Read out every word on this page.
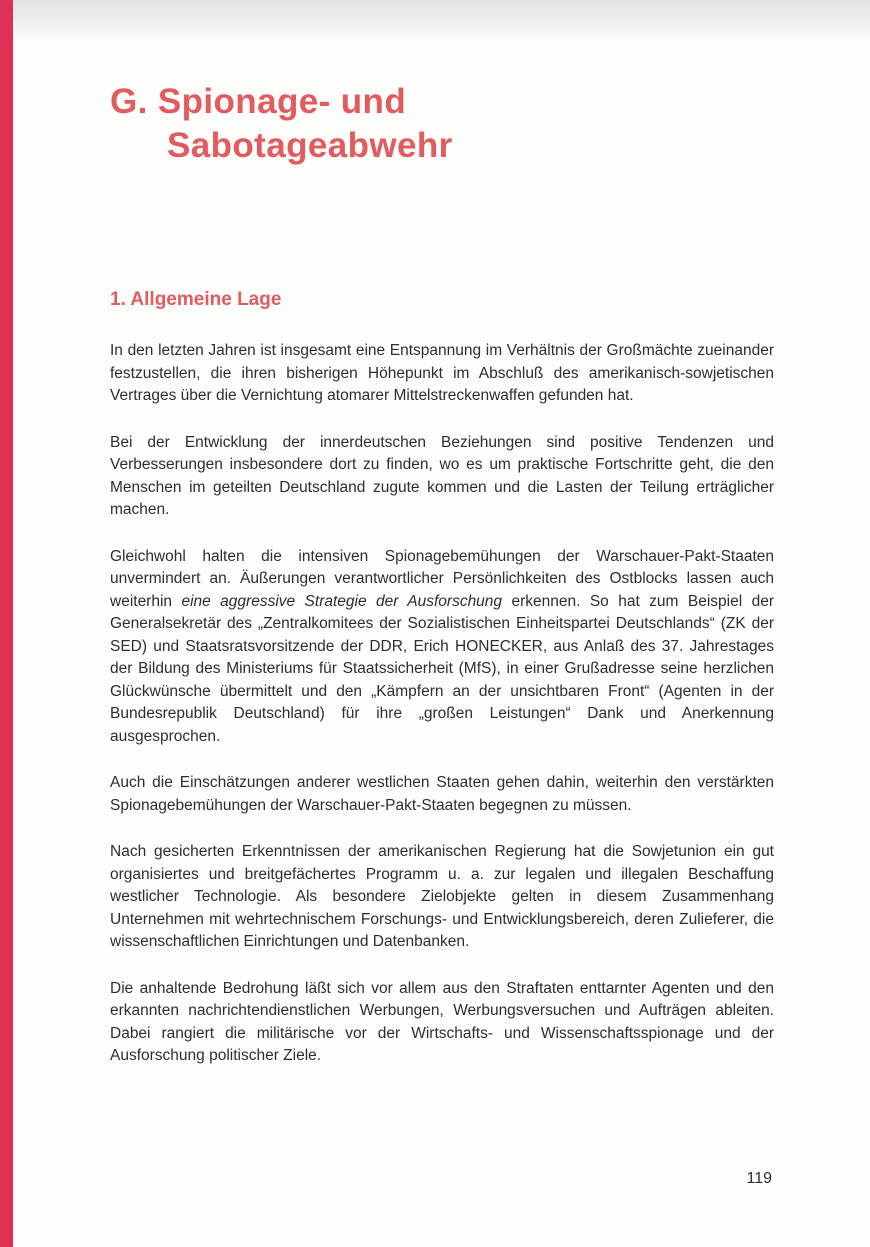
G. Spionage- und
Sabotageabwehr
1. Allgemeine Lage

In den letzten Jahren ist insgesamt eine Entspannung im Verhältnis der Großmächte zueinander festzustellen, die ihren bisherigen Höhepunkt im Abschluß des amerikanisch-sowjetischen Vertrages über die Vernichtung atomarer Mittelstreckenwaffen gefunden hat.

Bei der Entwicklung der innerdeutschen Beziehungen sind positive Tendenzen und Verbesserungen insbesondere dort zu finden, wo es um praktische Fortschritte geht, die den Menschen im geteilten Deutschland zugute kommen und die Lasten der Teilung erträglicher machen.

Gleichwohl halten die intensiven Spionagebemühungen der Warschauer-Pakt-Staaten unvermindert an. Äußerungen verantwortlicher Persönlichkeiten des Ostblocks lassen auch weiterhin eine aggressive Strategie der Ausforschung erkennen. So hat zum Beispiel der Generalsekretär des „Zentralkomitees der Sozialistischen Einheitspartei Deutschlands“ (ZK der SED) und Staatsratsvorsitzende der DDR, Erich HONECKER, aus Anlaß des 37. Jahrestages der Bildung des Ministeriums für Staatssicherheit (MfS), in einer Grußadresse seine herzlichen Glückwünsche übermittelt und den „Kämpfern an der unsichtbaren Front“ (Agenten in der Bundesrepublik Deutschland) für ihre „großen Leistungen“ Dank und Anerkennung ausgesprochen.

Auch die Einschätzungen anderer westlichen Staaten gehen dahin, weiterhin den verstärkten Spionagebemühungen der Warschauer-Pakt-Staaten begegnen zu müssen.

Nach gesicherten Erkenntnissen der amerikanischen Regierung hat die Sowjetunion ein gut organisiertes und breitgefächertes Programm u. a. zur legalen und illegalen Beschaffung westlicher Technologie. Als besondere Zielobjekte gelten in diesem Zusammenhang Unternehmen mit wehrtechnischem Forschungs- und Entwicklungsbereich, deren Zulieferer, die wissenschaftlichen Einrichtungen und Datenbanken.

Die anhaltende Bedrohung läßt sich vor allem aus den Straftaten enttarnter Agenten und den erkannten nachrichtendienstlichen Werbungen, Werbungsversuchen und Aufträgen ableiten. Dabei rangiert die militärische vor der Wirtschafts- und Wissenschaftsspionage und der Ausforschung politischer Ziele.

119
